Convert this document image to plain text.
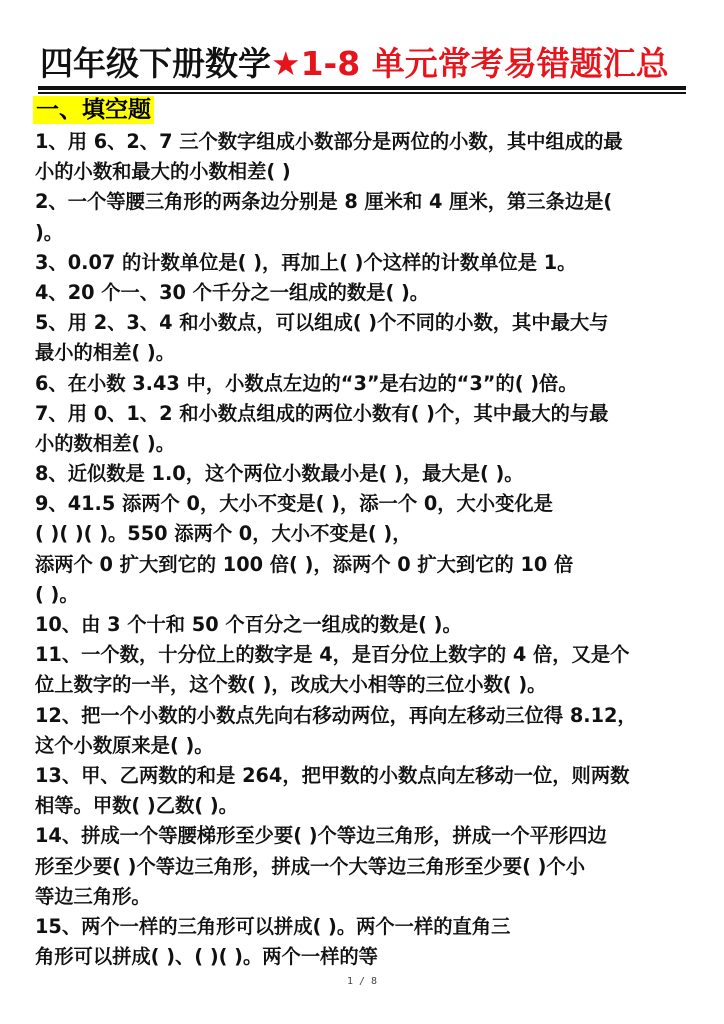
四年级下册数学★1-8 单元常考易错题汇总
一、填空题
1、用 6、2、7 三个数字组成小数部分是两位的小数，其中组成的最
小的小数和最大的小数相差( )
2、一个等腰三角形的两条边分别是 8 厘米和 4 厘米，第三条边是(
)。
3、0.07 的计数单位是( )，再加上( )个这样的计数单位是 1。
4、20 个一、30 个千分之一组成的数是( )。
5、用 2、3、4 和小数点，可以组成( )个不同的小数，其中最大与
最小的相差( )。
6、在小数 3.43 中，小数点左边的“3”是右边的“3”的( )倍。
7、用 0、1、2 和小数点组成的两位小数有( )个，其中最大的与最
小的数相差( )。
8、近似数是 1.0，这个两位小数最小是( )，最大是( )。
9、41.5 添两个 0，大小不变是( )，添一个 0，大小变化是
( )( )( )。550 添两个 0，大小不变是( )，
添两个 0 扩大到它的 100 倍( )，添两个 0 扩大到它的 10 倍
( )。
10、由 3 个十和 50 个百分之一组成的数是( )。
11、一个数，十分位上的数字是 4，是百分位上数字的 4 倍，又是个
位上数字的一半，这个数( )，改成大小相等的三位小数( )。
12、把一个小数的小数点先向右移动两位，再向左移动三位得 8.12，
这个小数原来是( )。
13、甲、乙两数的和是 264，把甲数的小数点向左移动一位，则两数
相等。甲数( )乙数( )。
14、拼成一个等腰梯形至少要( )个等边三角形，拼成一个平形四边
形至少要( )个等边三角形，拼成一个大等边三角形至少要( )个小
等边三角形。
15、两个一样的三角形可以拼成( )。两个一样的直角三
角形可以拼成( )、( )( )。两个一样的等
1 / 8
